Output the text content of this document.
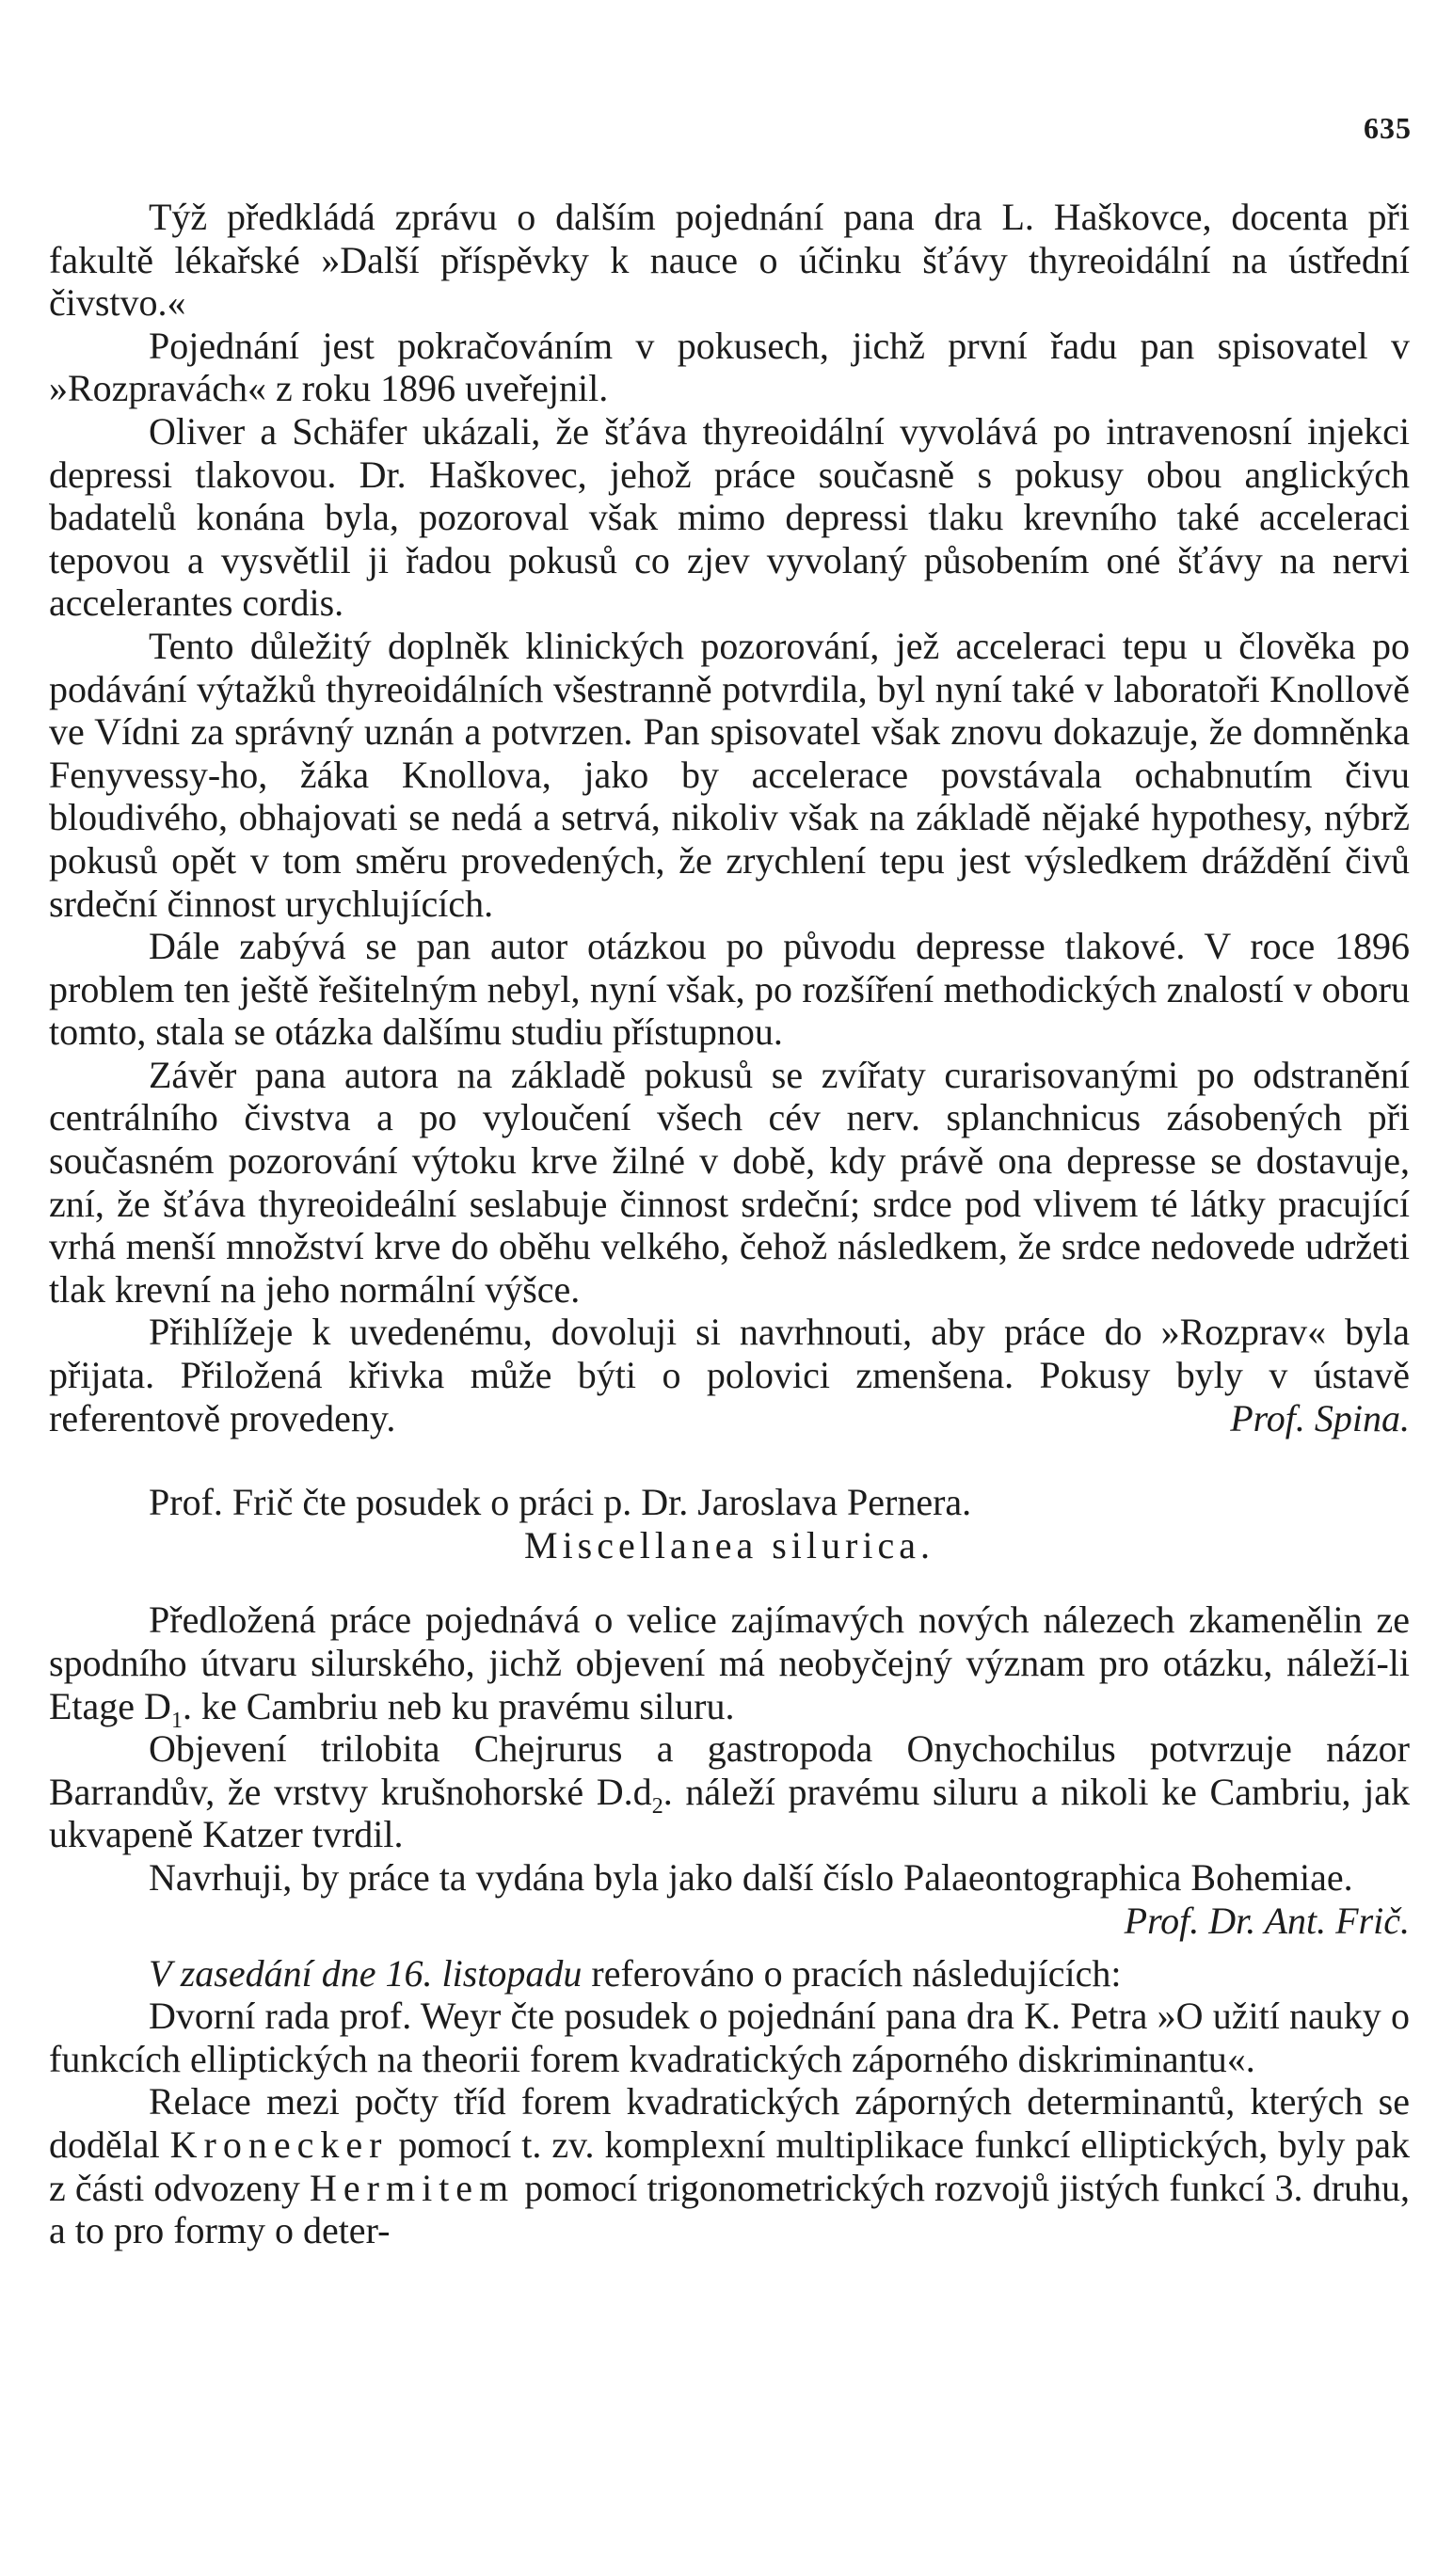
635

Týž předkládá zprávu o dalším pojednání pana dra L. Haškovce, docenta při fakultě lékařské »Další příspěvky k nauce o účinku šťávy thyreoidální na ústřední čivstvo.«

Pojednání jest pokračováním v pokusech, jichž první řadu pan spisovatel v »Rozpravách« z roku 1896 uveřejnil.

Oliver a Schäfer ukázali, že šťáva thyreoidální vyvolává po intravenosní injekci depressi tlakovou. Dr. Haškovec, jehož práce současně s pokusy obou anglických badatelů konána byla, pozoroval však mimo depressi tlaku krevního také acceleraci tepovou a vysvětlil ji řadou pokusů co zjev vyvolaný působením oné šťávy na nervi accelerantes cordis.

Tento důležitý doplněk klinických pozorování, jež acceleraci tepu u člověka po podávání výtažků thyreoidálních všestranně potvrdila, byl nyní také v laboratoři Knollově ve Vídni za správný uznán a potvrzen. Pan spisovatel však znovu dokazuje, že domněnka Fenyvessy-ho, žáka Knollova, jako by accelerace povstávala ochabnutím čivu bloudivého, obhajovati se nedá a setrvá, nikoliv však na základě nějaké hypothesy, nýbrž pokusů opět v tom směru provedených, že zrychlení tepu jest výsledkem dráždění čivů srdeční činnost urychlujících.

Dále zabývá se pan autor otázkou po původu depresse tlakové. V roce 1896 problem ten ještě řešitelným nebyl, nyní však, po rozšíření methodických znalostí v oboru tomto, stala se otázka dalšímu studiu přístupnou.

Závěr pana autora na základě pokusů se zvířaty curarisovanými po odstranění centrálního čivstva a po vyloučení všech cév nerv. splanchnicus zásobených při současném pozorování výtoku krve žilné v době, kdy právě ona depresse se dostavuje, zní, že šťáva thyreoideální seslabuje činnost srdeční; srdce pod vlivem té látky pracující vrhá menší množství krve do oběhu velkého, čehož následkem, že srdce nedovede udržeti tlak krevní na jeho normální výšce.

Přihlížeje k uvedenému, dovoluji si navrhnouti, aby práce do »Rozprav« byla přijata. Přiložená křivka může býti o polovici zmenšena. Pokusy byly v ústavě referentově provedeny.	Prof. Spina.

Prof. Frič čte posudek o práci p. Dr. Jaroslava Pernera.

Miscellanea silurica.

Předložená práce pojednává o velice zajímavých nových nálezech zkamenělin ze spodního útvaru silurského, jichž objevení má neobyčejný význam pro otázku, náleží-li Etage $D_1$. ke Cambriu neb ku pravému siluru.

Objevení trilobita Chejrurus a gastropoda Onychochilus potvrzuje názor Barrandův, že vrstvy krušnohorské $D.d_2$. náleží pravému siluru a nikoli ke Cambriu, jak ukvapeně Katzer tvrdil.

Navrhuji, by práce ta vydána byla jako další číslo Palaeontographica Bohemiae.
Prof. Dr. Ant. Frič.

V zasedání dne 16. listopadu referováno o pracích následujících:

Dvorní rada prof. Weyr čte posudek o pojednání pana dra K. Petra »O užití nauky o funkcích elliptických na theorii forem kvadratických záporného diskriminantu«.

Relace mezi počty tříd forem kvadratických záporných determinantů, kterých se dodělal Kronecker pomocí t. zv. komplexní multiplikace funkcí elliptických, byly pak z části odvozeny Hermitem pomocí trigonometrických rozvojů jistých funkcí 3. druhu, a to pro formy o deter-
